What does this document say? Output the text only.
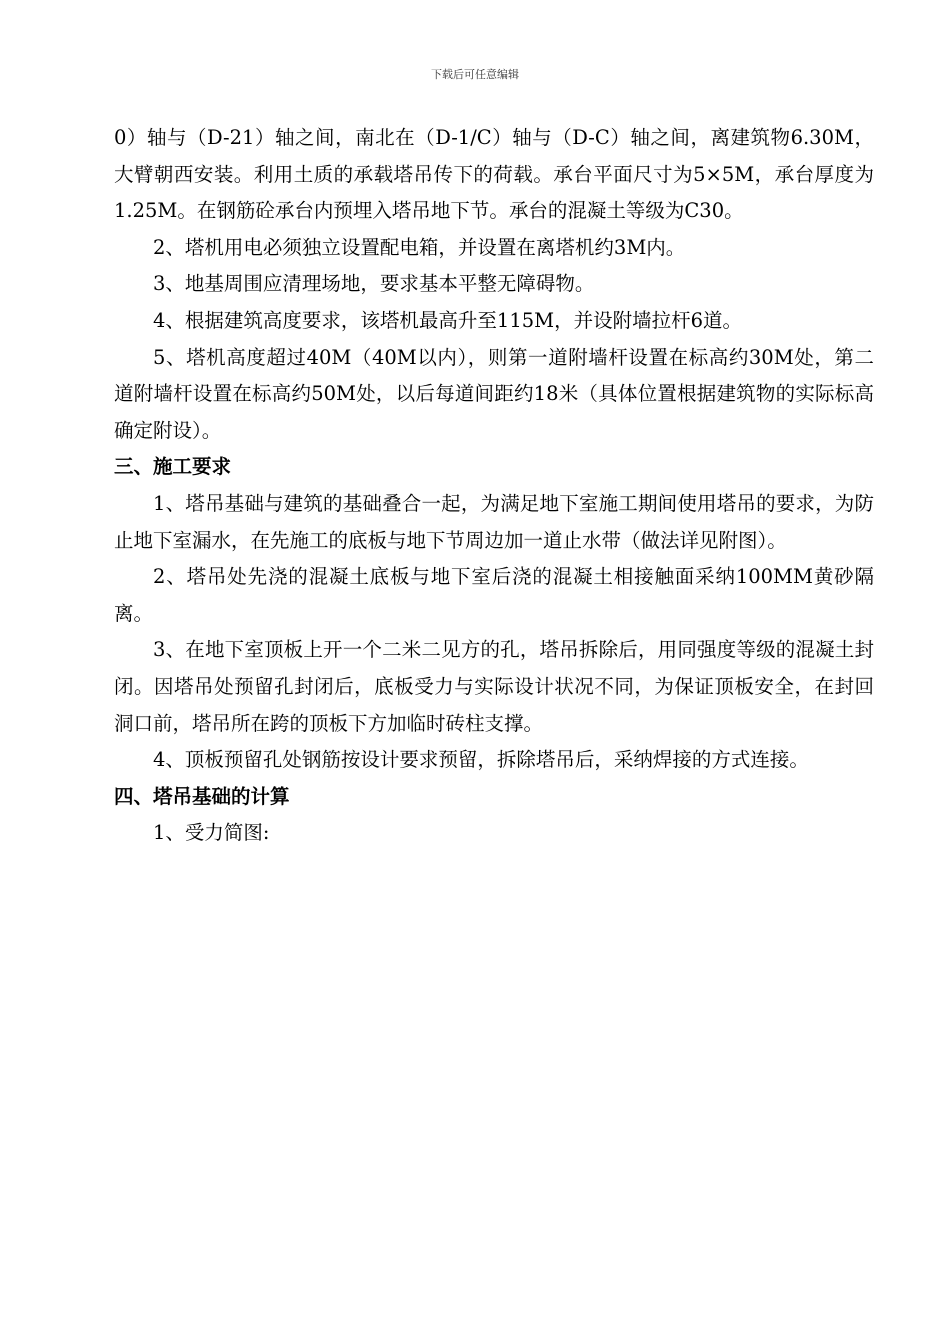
下载后可任意编辑

0）轴与（D-21）轴之间，南北在（D-1/C）轴与（D-C）轴之间，离建筑物6.30M，大臂朝西安装。利用土质的承载塔吊传下的荷载。承台平面尺寸为5×5M，承台厚度为1.25M。在钢筋砼承台内预埋入塔吊地下节。承台的混凝土等级为C30。

2、塔机用电必须独立设置配电箱，并设置在离塔机约3M内。

3、地基周围应清理场地，要求基本平整无障碍物。

4、根据建筑高度要求，该塔机最高升至115M，并设附墙拉杆6道。

5、塔机高度超过40M（40M以内），则第一道附墙杆设置在标高约30M处，第二道附墙杆设置在标高约50M处，以后每道间距约18米（具体位置根据建筑物的实际标高确定附设）。

三、施工要求

1、塔吊基础与建筑的基础叠合一起，为满足地下室施工期间使用塔吊的要求，为防止地下室漏水，在先施工的底板与地下节周边加一道止水带（做法详见附图）。

2、塔吊处先浇的混凝土底板与地下室后浇的混凝土相接触面采纳100MM黄砂隔离。

3、在地下室顶板上开一个二米二见方的孔，塔吊拆除后，用同强度等级的混凝土封闭。因塔吊处预留孔封闭后，底板受力与实际设计状况不同，为保证顶板安全，在封回洞口前，塔吊所在跨的顶板下方加临时砖柱支撑。

4、顶板预留孔处钢筋按设计要求预留，拆除塔吊后，采纳焊接的方式连接。

四、塔吊基础的计算

1、受力简图:
